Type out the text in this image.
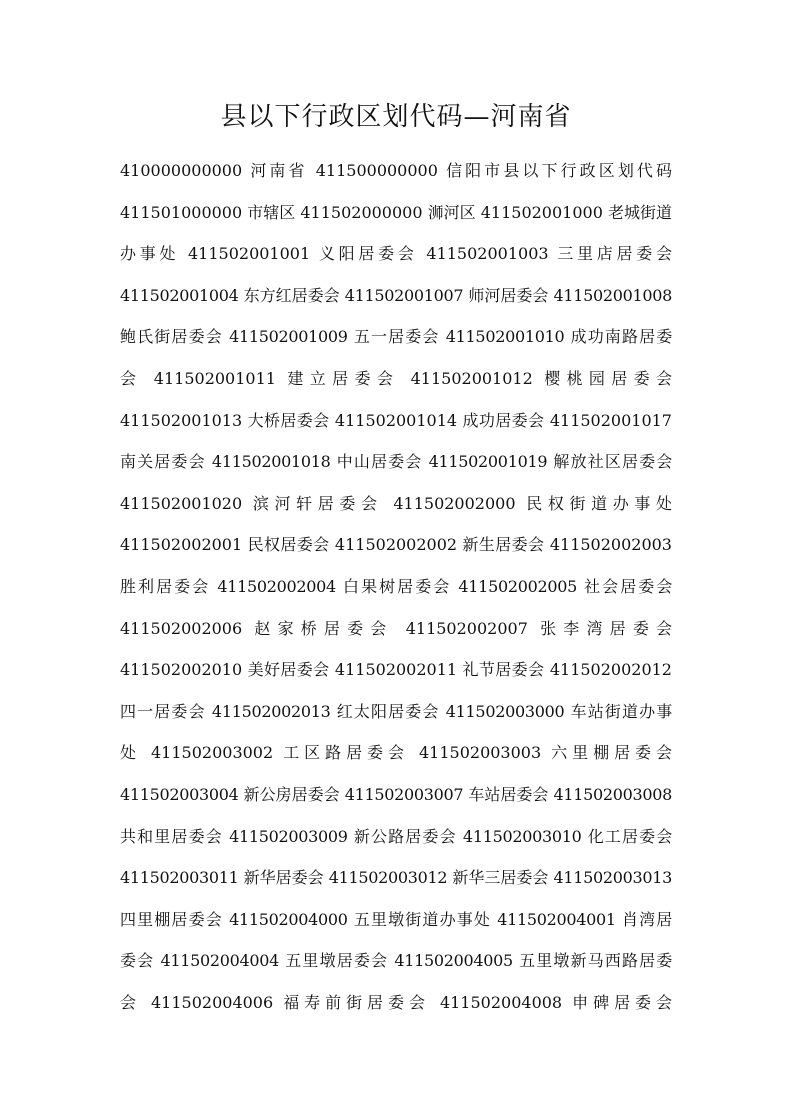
县以下行政区划代码—河南省
410000000000 河南省 411500000000 信阳市县以下行政区划代码
411501000000 市辖区 411502000000 浉河区 411502001000 老城街道
办事处 411502001001 义阳居委会 411502001003 三里店居委会
411502001004 东方红居委会 411502001007 师河居委会 411502001008
鲍氏街居委会 411502001009 五一居委会 411502001010 成功南路居委
会 411502001011 建立居委会 411502001012 樱桃园居委会
411502001013 大桥居委会 411502001014 成功居委会 411502001017
南关居委会 411502001018 中山居委会 411502001019 解放社区居委会
411502001020 滨河轩居委会 411502002000 民权街道办事处
411502002001 民权居委会 411502002002 新生居委会 411502002003
胜利居委会 411502002004 白果树居委会 411502002005 社会居委会
411502002006 赵家桥居委会 411502002007 张李湾居委会
411502002010 美好居委会 411502002011 礼节居委会 411502002012
四一居委会 411502002013 红太阳居委会 411502003000 车站街道办事
处 411502003002 工区路居委会 411502003003 六里棚居委会
411502003004 新公房居委会 411502003007 车站居委会 411502003008
共和里居委会 411502003009 新公路居委会 411502003010 化工居委会
411502003011 新华居委会 411502003012 新华三居委会 411502003013
四里棚居委会 411502004000 五里墩街道办事处 411502004001 肖湾居
委会 411502004004 五里墩居委会 411502004005 五里墩新马西路居委
会 411502004006 福寿前街居委会 411502004008 申碑居委会
